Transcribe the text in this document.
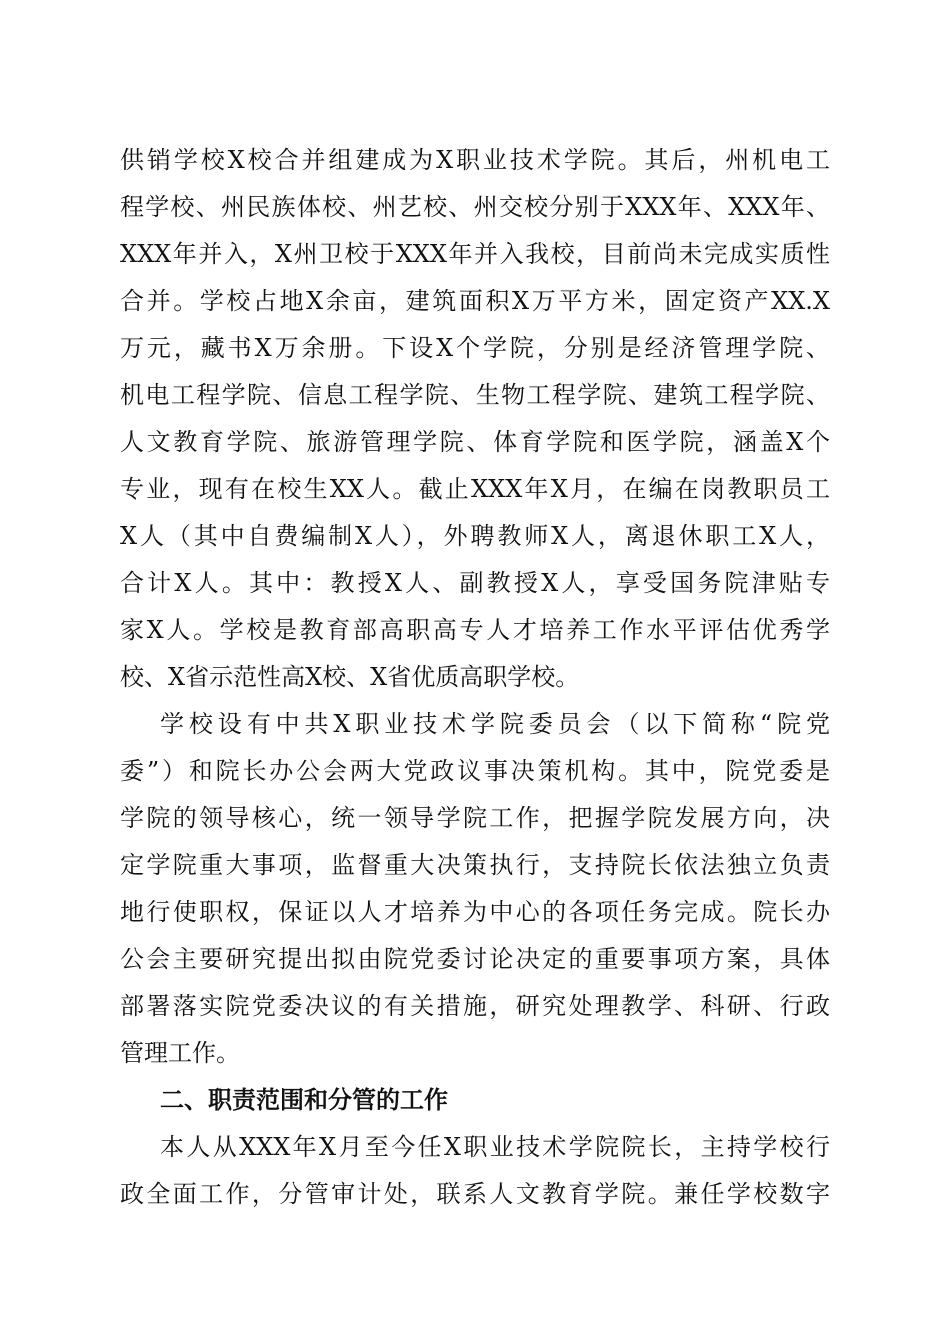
供销学校X校合并组建成为X职业技术学院。其后，州机电工
程学校、州民族体校、州艺校、州交校分别于XXX年、XXX年、
XXX年并入，X州卫校于XXX年并入我校，目前尚未完成实质性
合并。学校占地X余亩，建筑面积X万平方米，固定资产XX.X
万元，藏书X万余册。下设X个学院，分别是经济管理学院、
机电工程学院、信息工程学院、生物工程学院、建筑工程学院、
人文教育学院、旅游管理学院、体育学院和医学院，涵盖X个
专业，现有在校生XX人。截止XXX年X月，在编在岗教职员工
X人（其中自费编制X人），外聘教师X人，离退休职工X人，
合计X人。其中：教授X人、副教授X人，享受国务院津贴专
家X人。学校是教育部高职高专人才培养工作水平评估优秀学
校、X省示范性高X校、X省优质高职学校。
学校设有中共X职业技术学院委员会（以下简称“院党
委”）和院长办公会两大党政议事决策机构。其中，院党委是
学院的领导核心，统一领导学院工作，把握学院发展方向，决
定学院重大事项，监督重大决策执行，支持院长依法独立负责
地行使职权，保证以人才培养为中心的各项任务完成。院长办
公会主要研究提出拟由院党委讨论决定的重要事项方案，具体
部署落实院党委决议的有关措施，研究处理教学、科研、行政
管理工作。
二、职责范围和分管的工作
本人从XXX年X月至今任X职业技术学院院长，主持学校行
政全面工作，分管审计处，联系人文教育学院。兼任学校数字
